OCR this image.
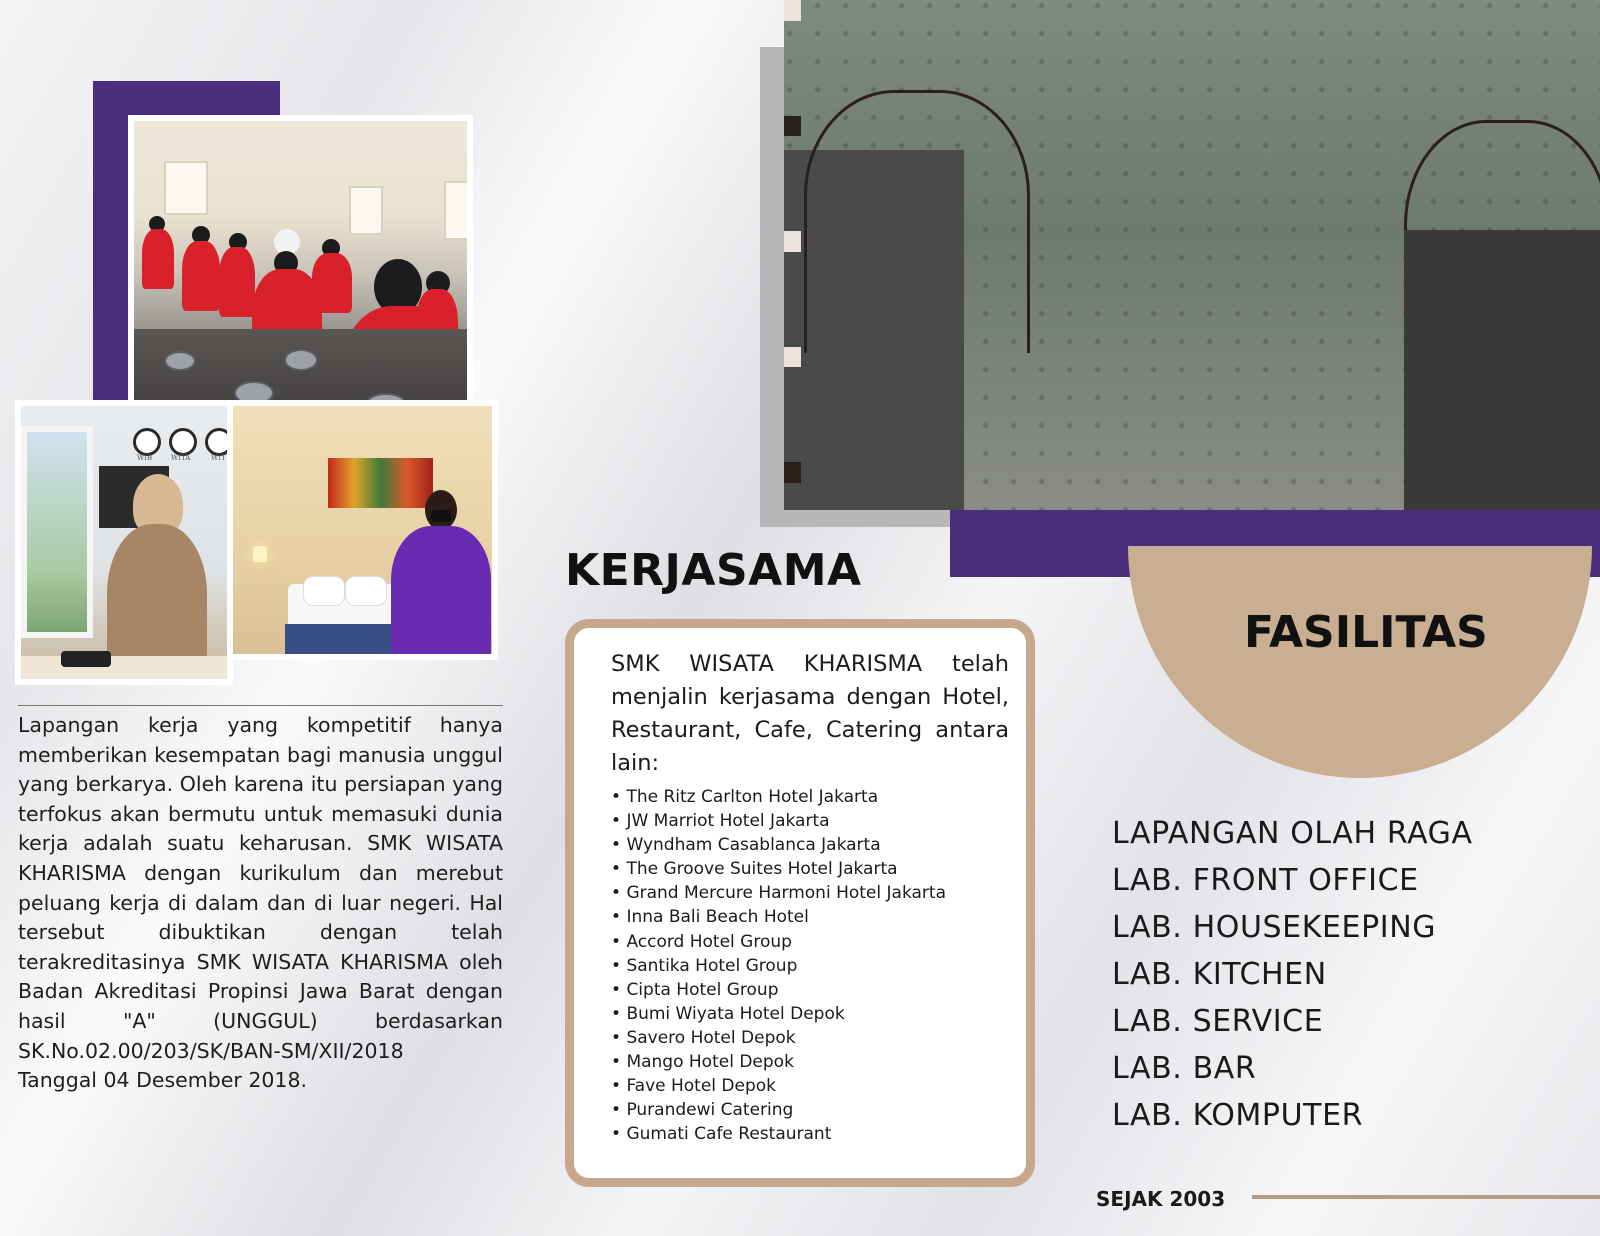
WIB	WITA	WIT

Lapangan kerja yang kompetitif hanya memberikan kesempatan bagi manusia unggul yang berkarya. Oleh karena itu persiapan yang terfokus akan bermutu untuk memasuki dunia kerja adalah suatu keharusan. SMK WISATA KHARISMA dengan kurikulum dan merebut peluang kerja di dalam dan di luar negeri. Hal tersebut dibuktikan dengan telah terakreditasinya SMK WISATA KHARISMA oleh Badan Akreditasi Propinsi Jawa Barat dengan hasil "A" (UNGGUL) berdasarkan SK.No.02.00/203/SK/BAN-SM/XII/2018

Tanggal 04 Desember 2018.

KERJASAMA

SMK WISATA KHARISMA telah menjalin kerjasama dengan Hotel, Restaurant, Cafe, Catering antara lain:

• The Ritz Carlton Hotel Jakarta
• JW Marriot Hotel Jakarta
• Wyndham Casablanca Jakarta
• The Groove Suites Hotel Jakarta
• Grand Mercure Harmoni Hotel Jakarta
• Inna Bali Beach Hotel
• Accord Hotel Group
• Santika Hotel Group
• Cipta Hotel Group
• Bumi Wiyata Hotel Depok
• Savero Hotel Depok
• Mango Hotel Depok
• Fave Hotel Depok
• Purandewi Catering
• Gumati Cafe Restaurant
FASILITAS
LAPANGAN OLAH RAGA
LAB. FRONT OFFICE
LAB. HOUSEKEEPING
LAB. KITCHEN
LAB. SERVICE
LAB. BAR
LAB. KOMPUTER
SEJAK 2003
